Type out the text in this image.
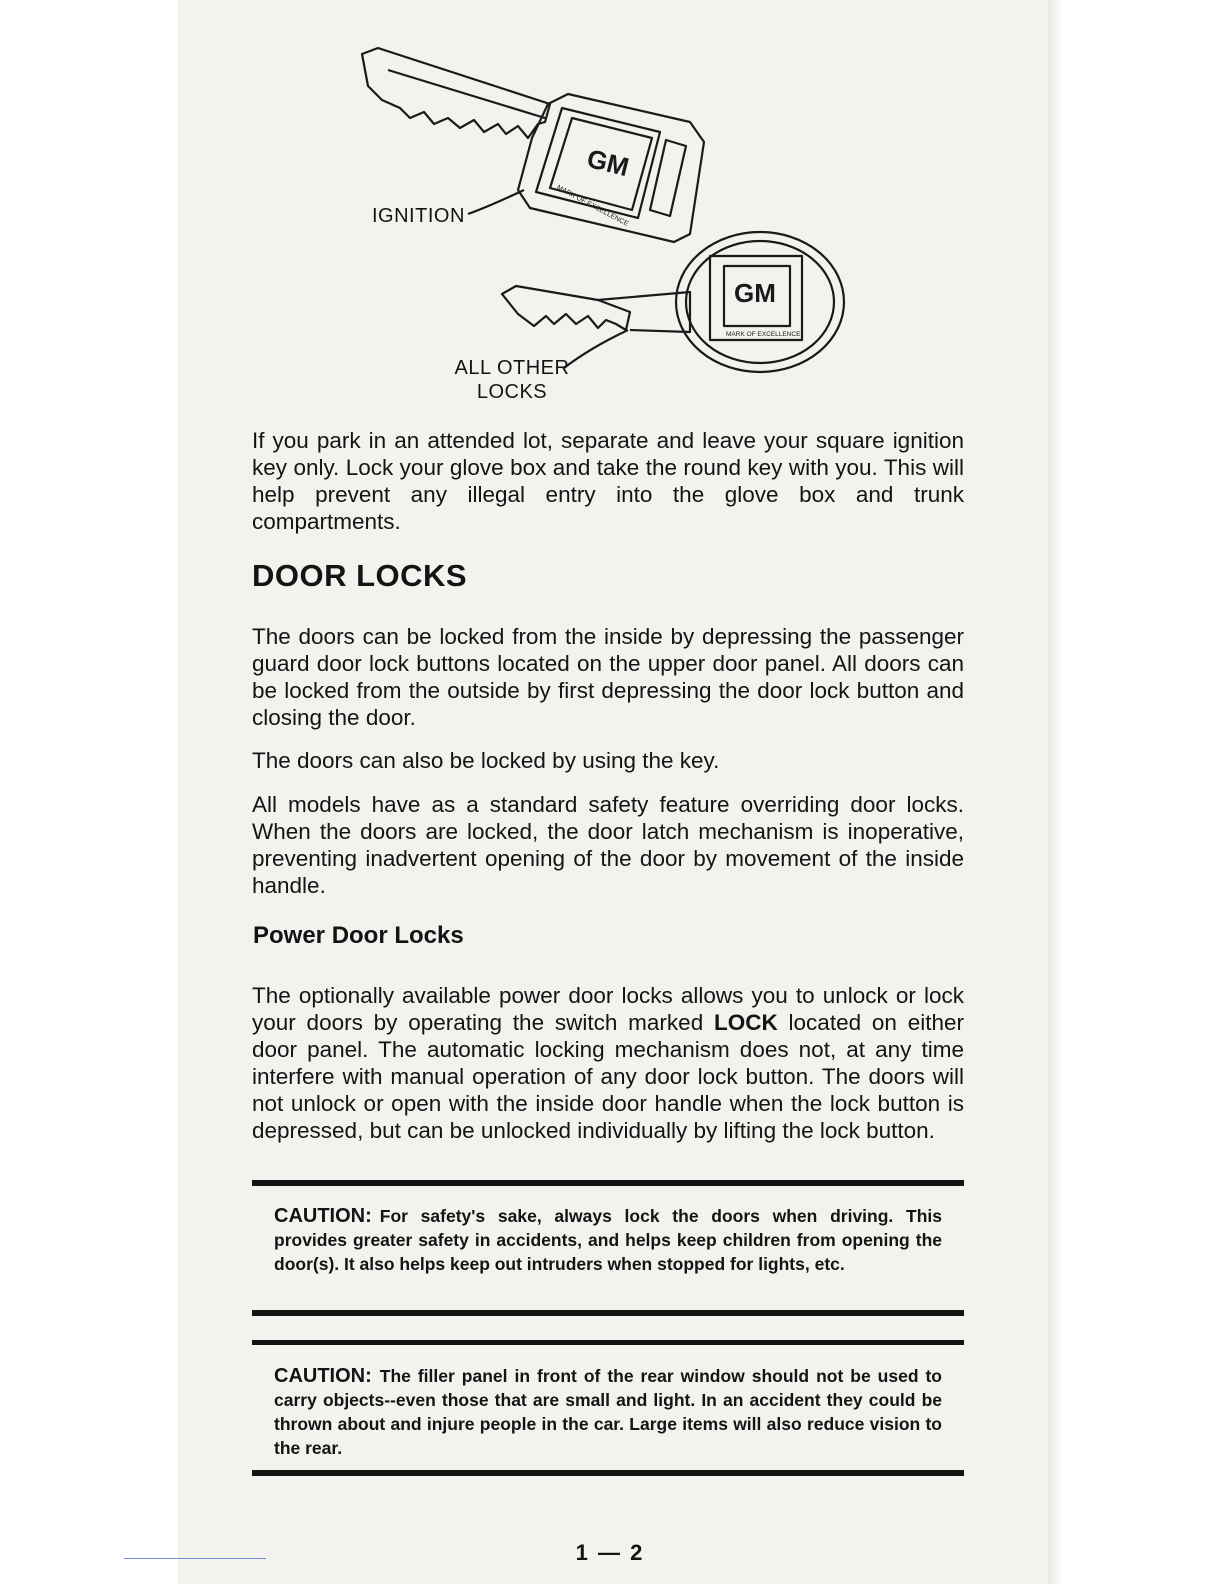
GM
MARK OF EXCELLENCE
GM
MARK OF EXCELLENCE
IGNITION
ALL OTHER
LOCKS

If you park in an attended lot, separate and leave your square ignition key only. Lock your glove box and take the round key with you. This will help prevent any illegal entry into the glove box and trunk compartments.

DOOR LOCKS

The doors can be locked from the inside by depressing the passenger guard door lock buttons located on the upper door panel. All doors can be locked from the outside by first depressing the door lock button and closing the door.

The doors can also be locked by using the key.

All models have as a standard safety feature overriding door locks. When the doors are locked, the door latch mechanism is inoperative, preventing inadvertent opening of the door by movement of the inside handle.

Power Door Locks

The optionally available power door locks allows you to unlock or lock your doors by operating the switch marked LOCK located on either door panel. The automatic locking mechanism does not, at any time interfere with manual operation of any door lock button. The doors will not unlock or open with the inside door handle when the lock button is depressed, but can be unlocked individually by lifting the lock button.

CAUTION: For safety's sake, always lock the doors when driving. This provides greater safety in accidents, and helps keep children from opening the door(s). It also helps keep out intruders when stopped for lights, etc.

CAUTION: The filler panel in front of the rear window should not be used to carry objects--even those that are small and light. In an accident they could be thrown about and injure people in the car. Large items will also reduce vision to the rear.

1 — 2
